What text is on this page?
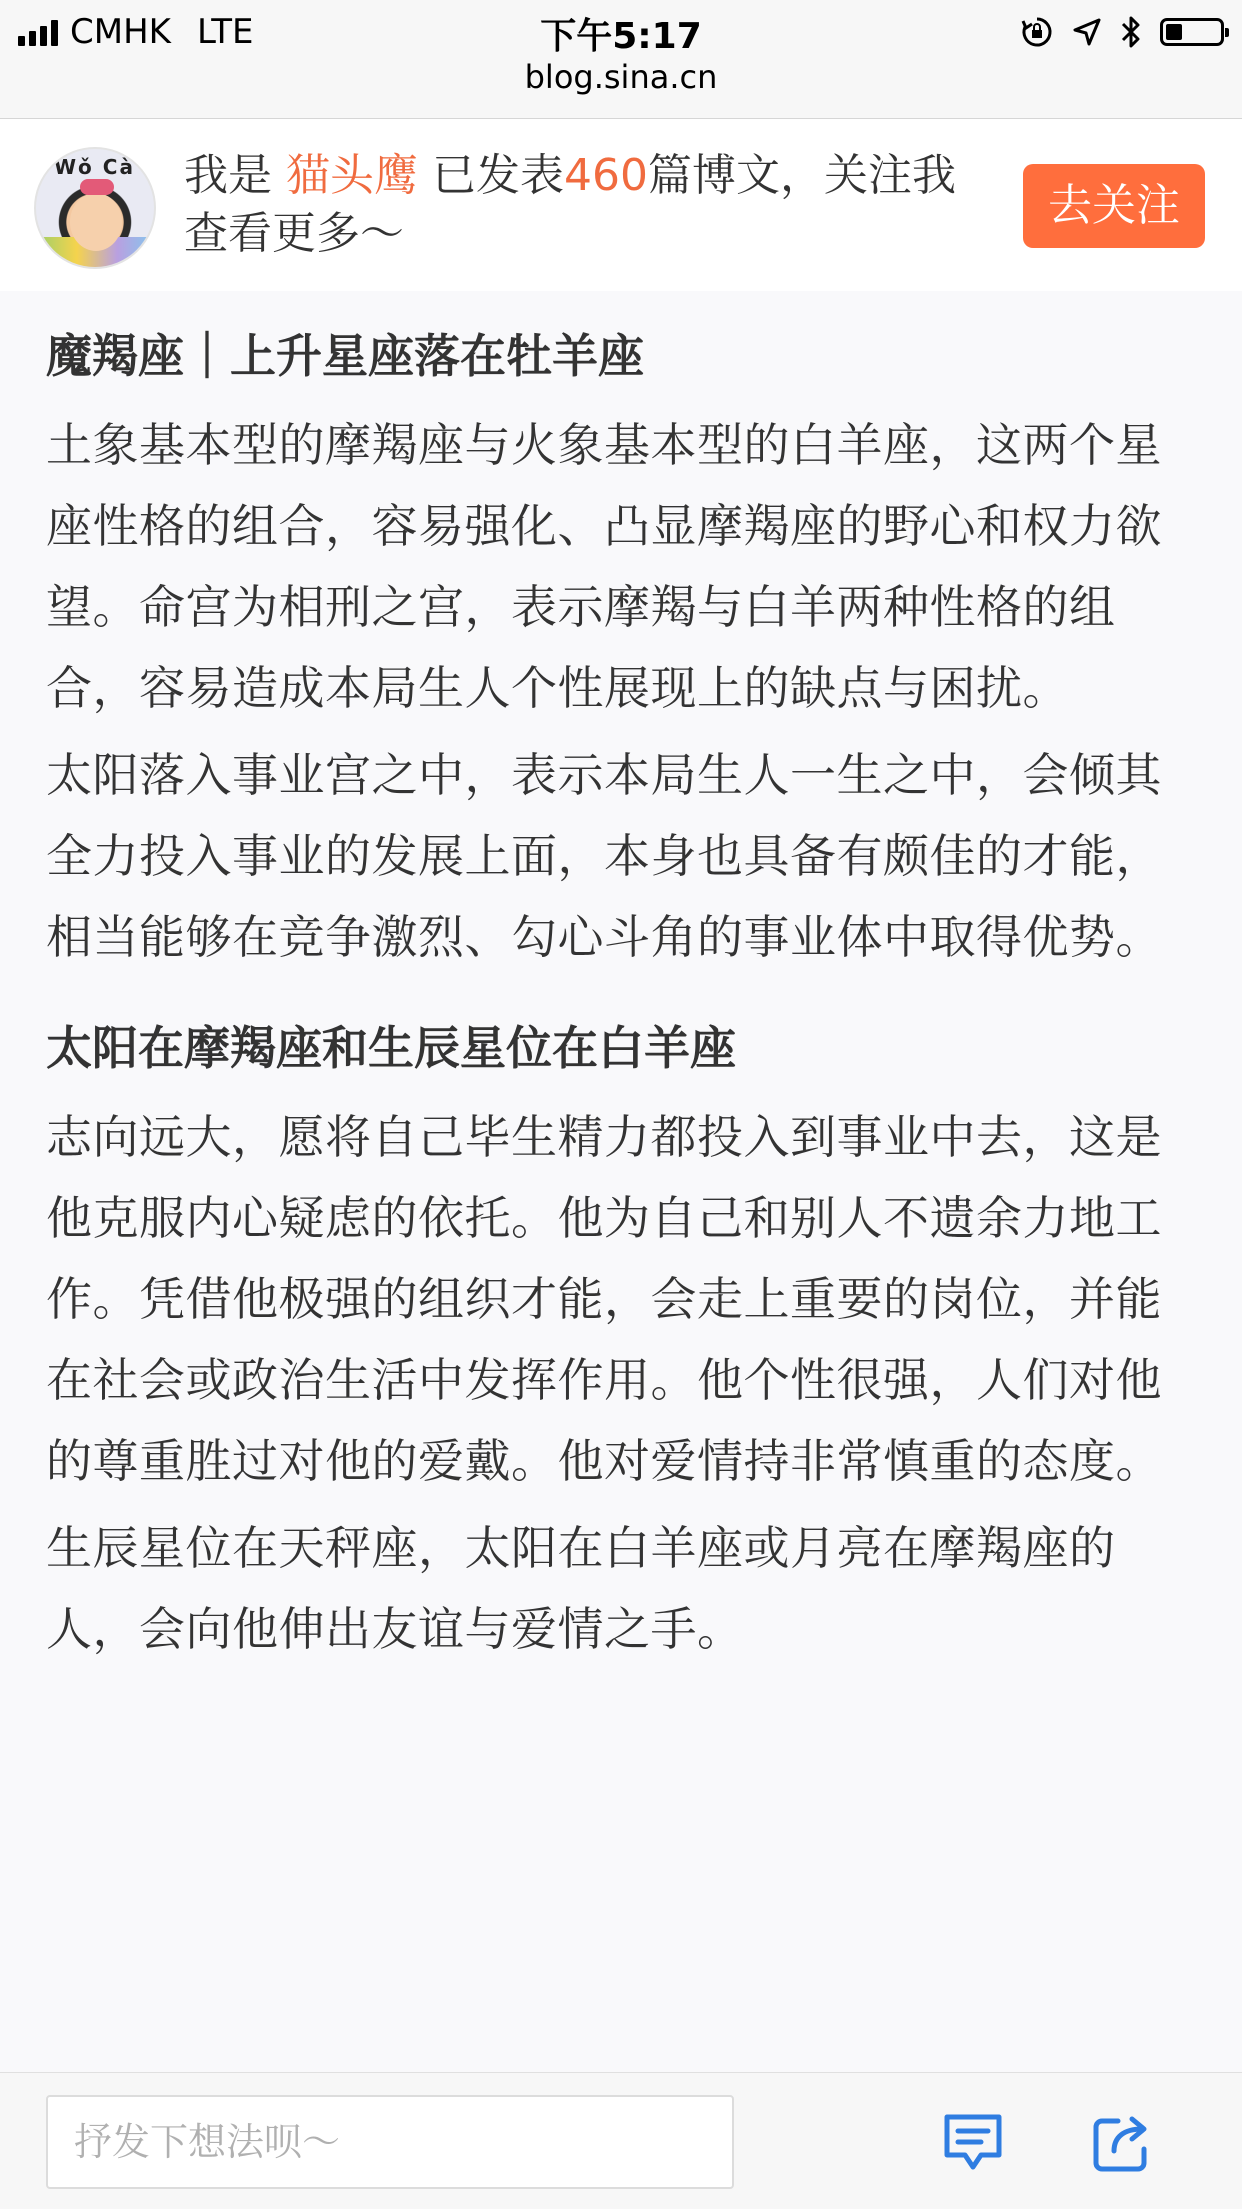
CMHK LTE	下午5:17
blog.sina.cn
Wǒ Cà 我是 猫头鹰 已发表460篇博文，关注我查看更多～

去关注
魔羯座｜上升星座落在牡羊座

土象基本型的摩羯座与火象基本型的白羊座，这两个星座性格的组合，容易强化、凸显摩羯座的野心和权力欲望。命宫为相刑之宫，表示摩羯与白羊两种性格的组合，容易造成本局生人个性展现上的缺点与困扰。

太阳落入事业宫之中，表示本局生人一生之中，会倾其全力投入事业的发展上面，本身也具备有颇佳的才能，相当能够在竞争激烈、勾心斗角的事业体中取得优势。

太阳在摩羯座和生辰星位在白羊座

志向远大，愿将自己毕生精力都投入到事业中去，这是他克服内心疑虑的依托。他为自己和别人不遗余力地工作。凭借他极强的组织才能，会走上重要的岗位，并能在社会或政治生活中发挥作用。他个性很强，人们对他的尊重胜过对他的爱戴。他对爱情持非常慎重的态度。

生辰星位在天秤座，太阳在白羊座或月亮在摩羯座的人，会向他伸出友谊与爱情之手。

抒发下想法呗～
